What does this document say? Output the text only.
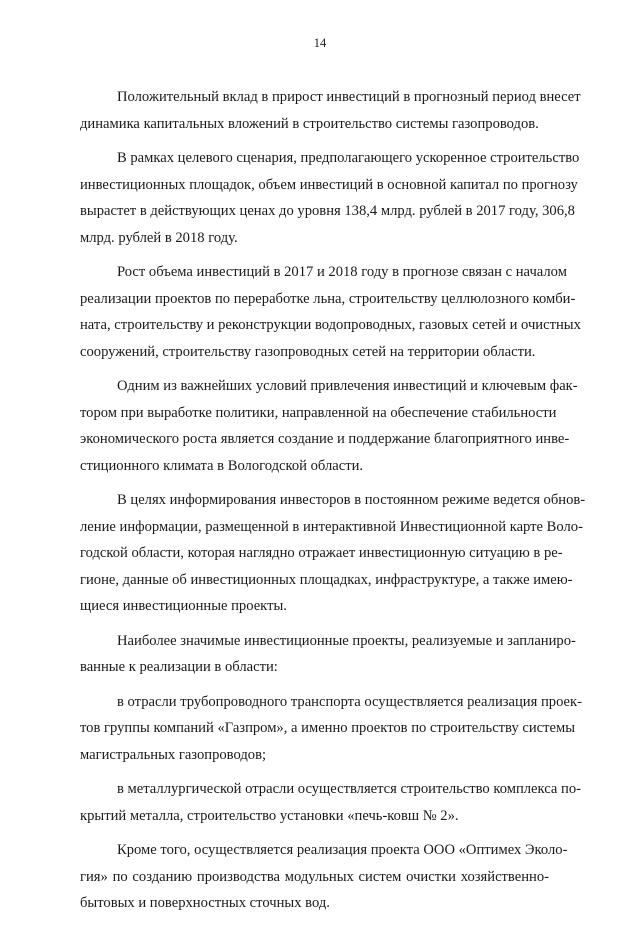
14

Положительный вклад в прирост инвестиций в прогнозный период внесет
динамика капитальных вложений в строительство системы газопроводов.

В рамках целевого сценария, предполагающего ускоренное строительство
инвестиционных площадок, объем инвестиций в основной капитал по прогнозу
вырастет в действующих ценах до уровня 138,4 млрд. рублей в 2017 году, 306,8
млрд. рублей в 2018 году.

Рост объема инвестиций в 2017 и 2018 году в прогнозе связан с началом
реализации проектов по переработке льна, строительству целлюлозного комби-
ната, строительству и реконструкции водопроводных, газовых сетей и очистных
сооружений, строительству газопроводных сетей на территории области.

Одним из важнейших условий привлечения инвестиций и ключевым фак-
тором при выработке политики, направленной на обеспечение стабильности
экономического роста является создание и поддержание благоприятного инве-
стиционного климата в Вологодской области.

В целях информирования инвесторов в постоянном режиме ведется обнов-
ление информации, размещенной в интерактивной Инвестиционной карте Воло-
годской области, которая наглядно отражает инвестиционную ситуацию в ре-
гионе, данные об инвестиционных площадках, инфраструктуре, а также имею-
щиеся инвестиционные проекты.

Наиболее значимые инвестиционные проекты, реализуемые и запланиро-
ванные к реализации в области:

в отрасли трубопроводного транспорта осуществляется реализация проек-
тов группы компаний «Газпром», а именно проектов по строительству системы
магистральных газопроводов;

в металлургической отрасли осуществляется строительство комплекса по-
крытий металла, строительство установки «печь-ковш № 2».

Кроме того, осуществляется реализация проекта ООО «Оптимех Эколо-
гия» по созданию производства модульных систем очистки хозяйственно-
бытовых и поверхностных сточных вод.
